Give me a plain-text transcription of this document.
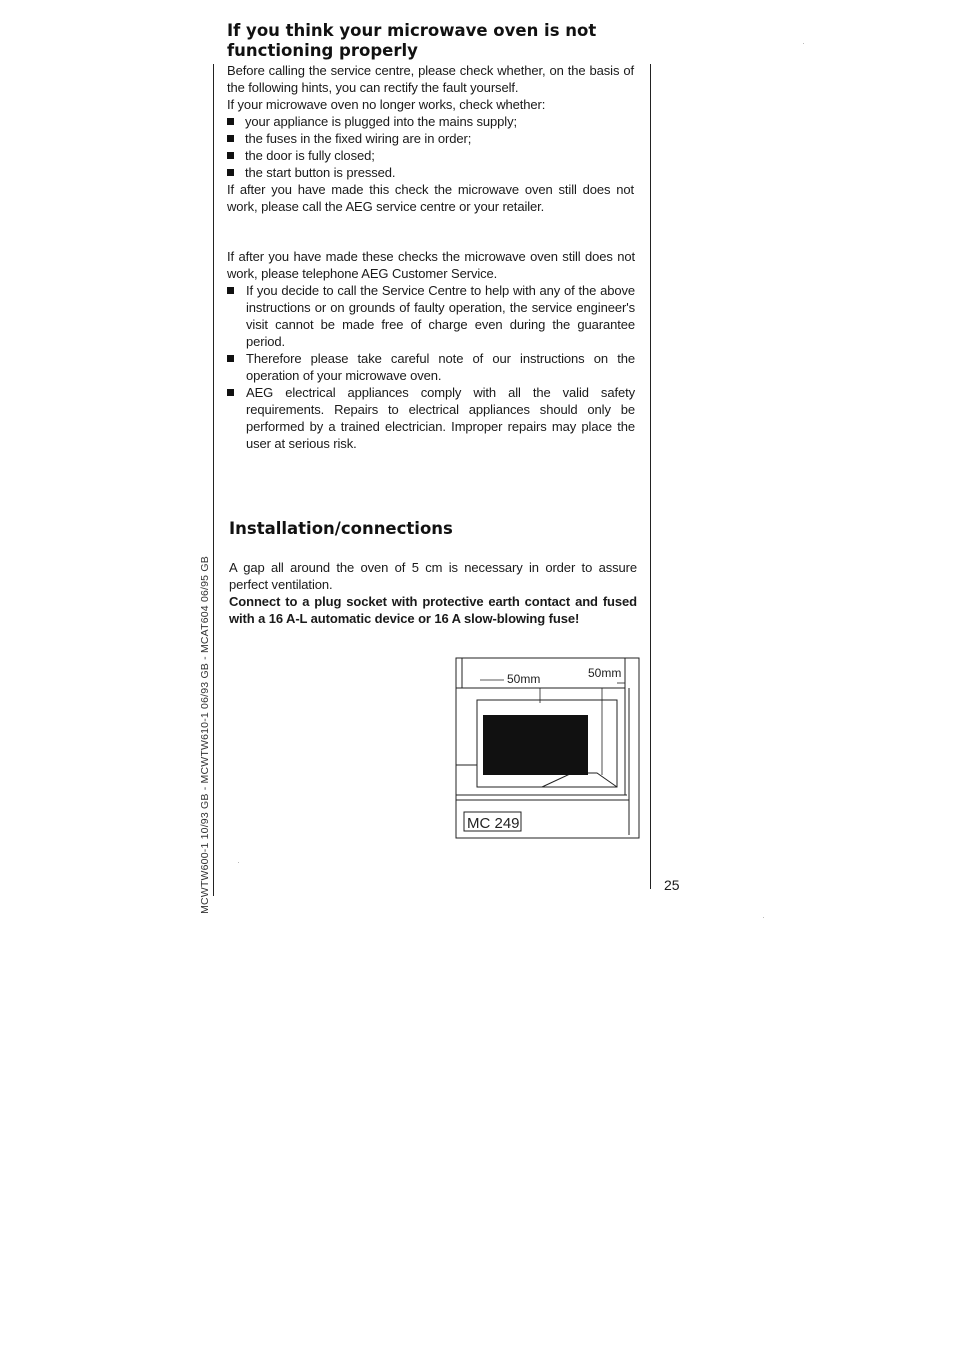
If you think your microwave oven is not functioning properly

Before calling the service centre, please check whether, on the basis of the following hints, you can rectify the fault yourself.

If your microwave oven no longer works, check whether:

your appliance is plugged into the mains supply;
the fuses in the fixed wiring are in order;
the door is fully closed;
the start button is pressed.

If after you have made this check the microwave oven still does not work, please call the AEG service centre or your retailer.

If after you have made these checks the microwave oven still does not work, please telephone AEG Customer Service.

If you decide to call the Service Centre to help with any of the above instructions or on grounds of faulty operation, the service engineer's visit cannot be made free of charge even during the guarantee period.
Therefore please take careful note of our instructions on the operation of your microwave oven.
AEG electrical appliances comply with all the valid safety requirements. Repairs to electrical appliances should only be performed by a trained electrician. Improper repairs may place the user at serious risk.
Installation/connections

A gap all around the oven of 5 cm is necessary in order to assure perfect ventilation.

Connect to a plug socket with protective earth contact and fused with a 16 A-L automatic device or 16 A slow-blowing fuse!

MC 249
50mm	50mm
MCWTW600-1 10/93 GB - MCWTW610-1 06/93 GB - MCAT604 06/95 GB	25
